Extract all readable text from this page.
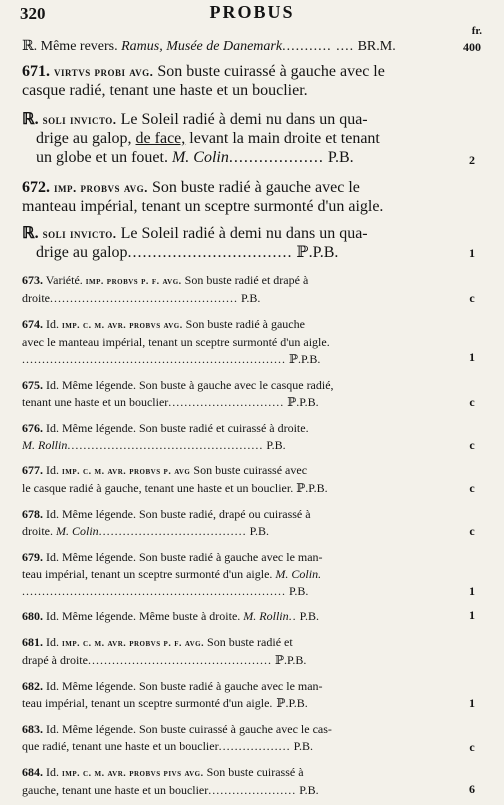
320	PROBUS
fr.
ℝ. Même revers. Ramus, Musée de Danemark........... .... BR.M.	400
671. virtvs probi avg. Son buste cuirassé à gauche avec le
casque radié, tenant une haste et un bouclier.
ℝ. soli invicto. Le Soleil radié à demi nu dans un qua-
drige au galop, de face, levant la main droite et tenant
un globe et un fouet. M. Colin................... P.B.	2
672. imp. probvs avg. Son buste radié à gauche avec le
manteau impérial, tenant un sceptre surmonté d'un aigle.
ℝ. soli invicto. Le Soleil radié à demi nu dans un qua-
drige au galop................................. ℙ.P.B.	1
673. Variété. imp. probvs p. f. avg. Son buste radié et drapé à
droite............................................... P.B.	c
674. Id. imp. c. m. avr. probvs avg. Son buste radié à gauche
avec le manteau impérial, tenant un sceptre surmonté d'un aigle.
.................................................................. ℙ.P.B.	1
675. Id. Même légende. Son buste à gauche avec le casque radié,
tenant une haste et un bouclier............................. ℙ.P.B.	c
676. Id. Même légende. Son buste radié et cuirassé à droite.
M. Rollin................................................. P.B.	c
677. Id. imp. c. m. avr. probvs p. avg Son buste cuirassé avec
le casque radié à gauche, tenant une haste et un bouclier. ℙ.P.B.	c
678. Id. Même légende. Son buste radié, drapé ou cuirassé à
droite. M. Colin..................................... P.B.	c
679. Id. Même légende. Son buste radié à gauche avec le man-
teau impérial, tenant un sceptre surmonté d'un aigle. M. Colin.
.................................................................. P.B.	1
680. Id. Même légende. Même buste à droite. M. Rollin.. P.B.	1
681. Id. imp. c. m. avr. probvs p. f. avg. Son buste radié et
drapé à droite.............................................. ℙ.P.B.
682. Id. Même légende. Son buste radié à gauche avec le man-
teau impérial, tenant un sceptre surmonté d'un aigle. ℙ.P.B.	1
683. Id. Même légende. Son buste cuirassé à gauche avec le cas-
que radié, tenant une haste et un bouclier.................. P.B.	c
684. Id. imp. c. m. avr. probvs pivs avg. Son buste cuirassé à
gauche, tenant une haste et un bouclier...................... P.B.	6
